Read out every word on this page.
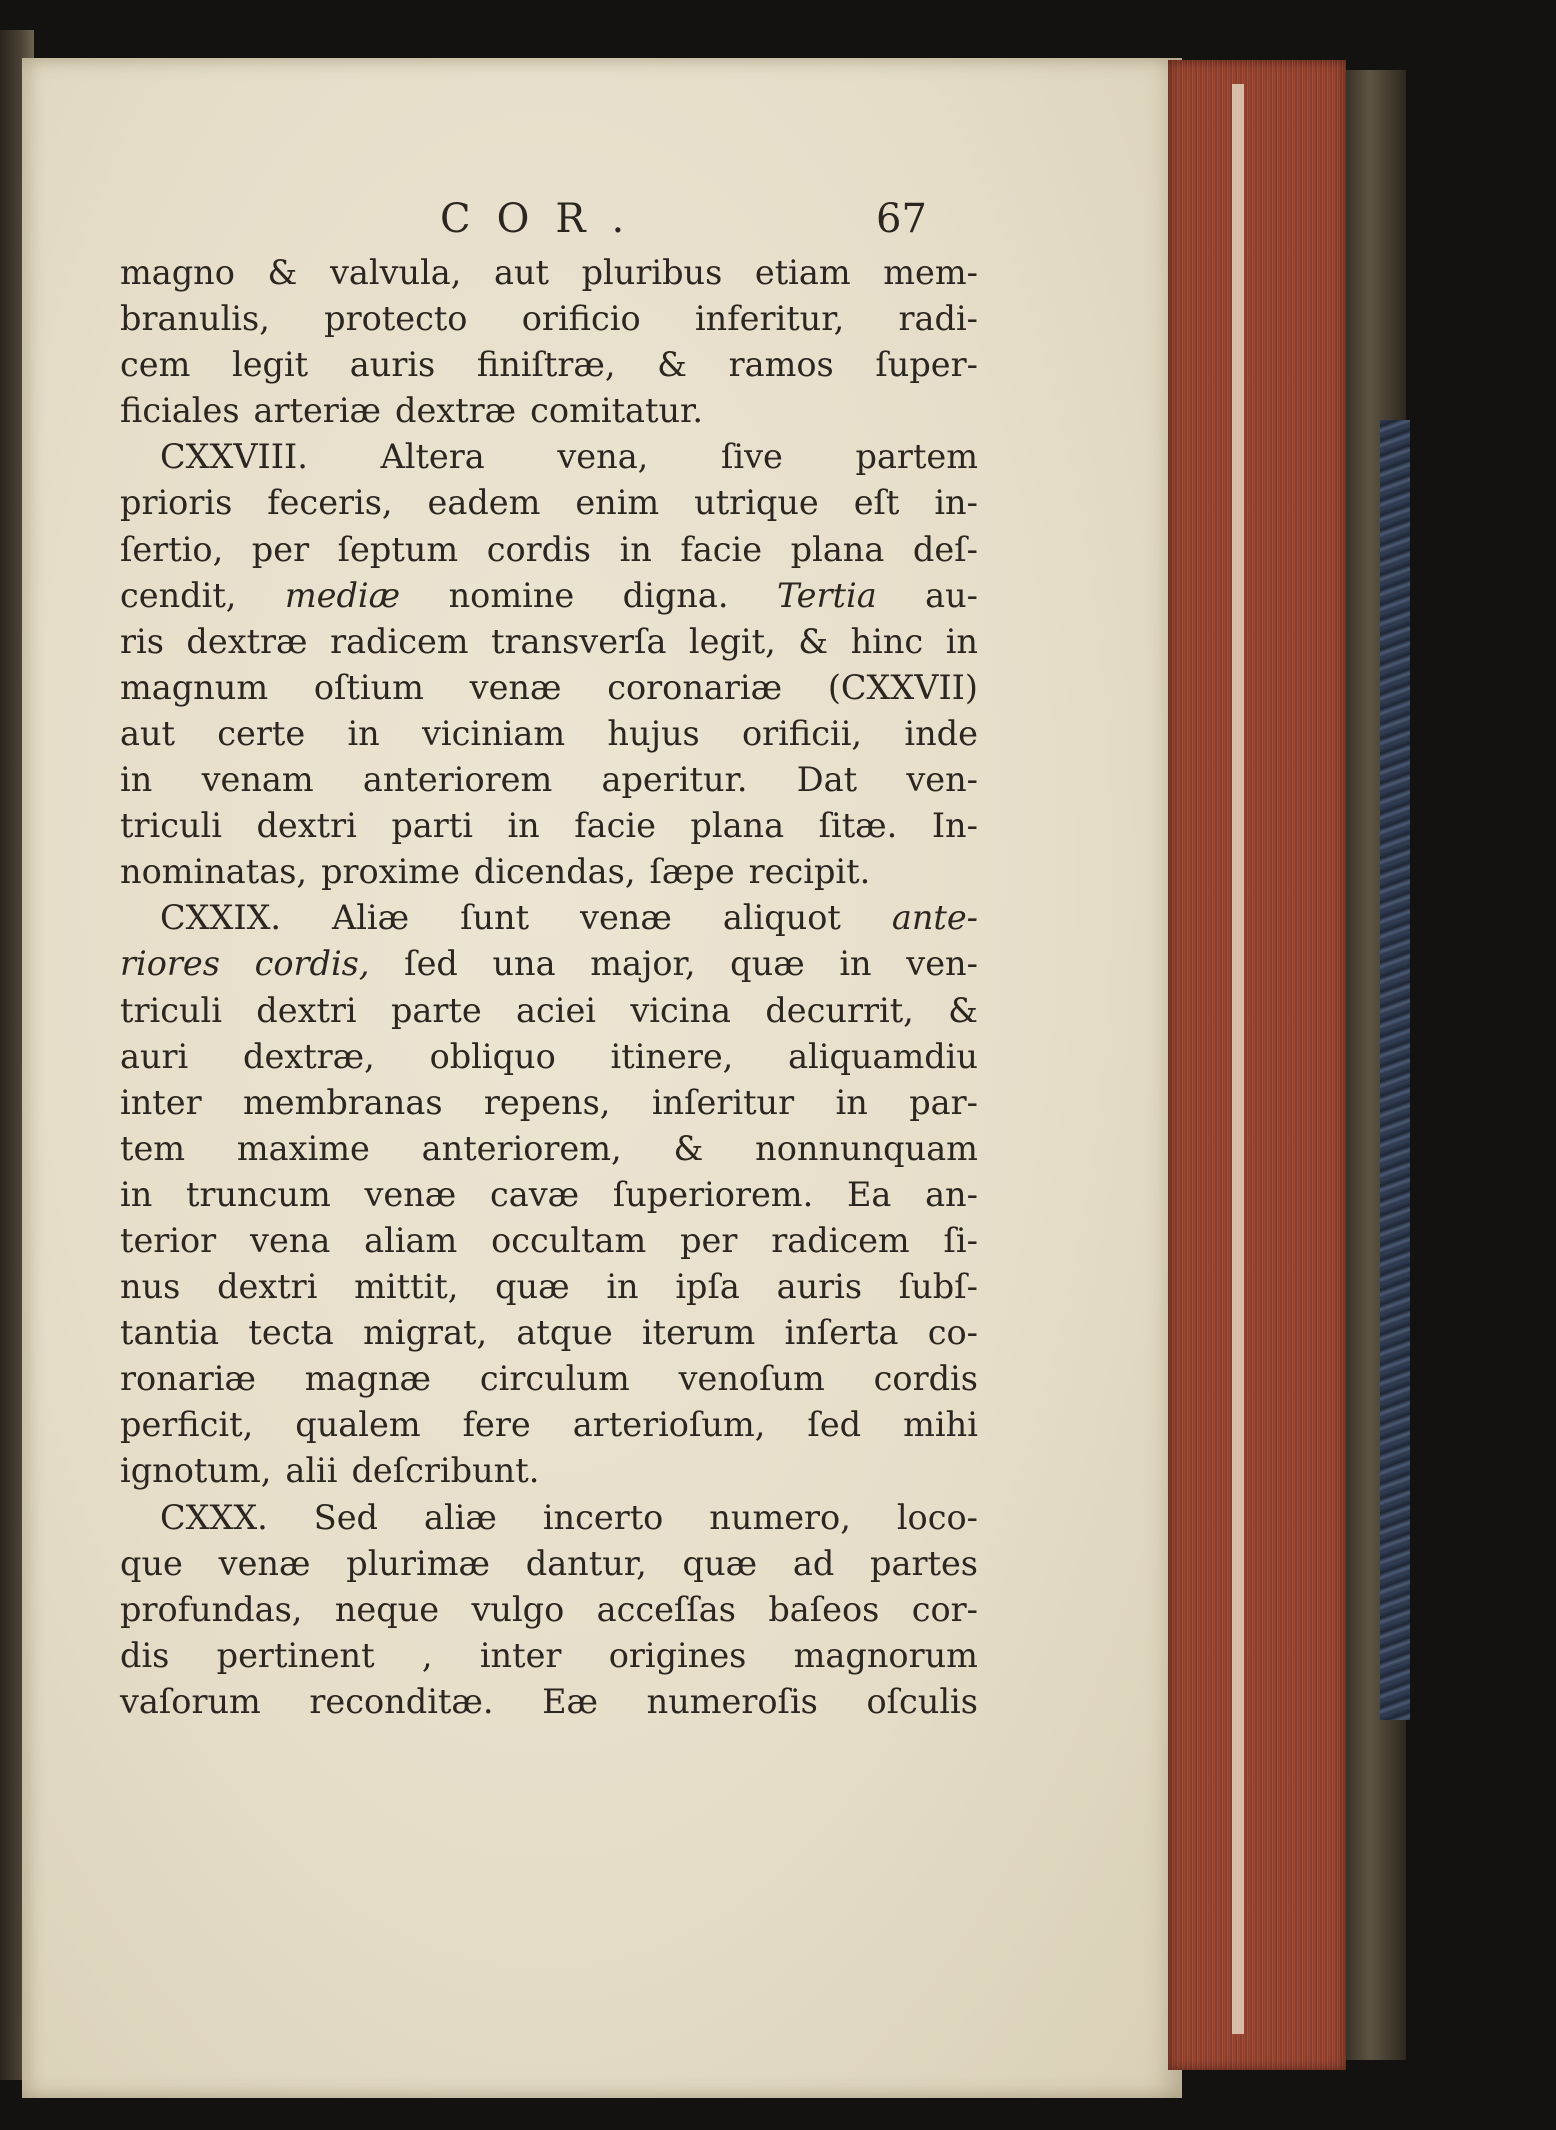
COR.	67
magno & valvula, aut pluribus etiam mem-
branulis, protecto orificio inferitur, radi-
cem legit auris finiſtræ, & ramos ſuper-
ficiales arteriæ dextræ comitatur.
CXXVIII. Altera vena, ſive partem
prioris feceris, eadem enim utrique eſt in-
ſertio, per ſeptum cordis in facie plana deſ-
cendit, mediæ nomine digna. Tertia au-
ris dextræ radicem transverſa legit, & hinc in
magnum oſtium venæ coronariæ (CXXVII)
aut certe in viciniam hujus orificii, inde
in venam anteriorem aperitur. Dat ven-
triculi dextri parti in facie plana ſitæ. In-
nominatas, proxime dicendas, ſæpe recipit.
CXXIX. Aliæ ſunt venæ aliquot ante-
riores cordis, ſed una major, quæ in ven-
triculi dextri parte aciei vicina decurrit, &
auri dextræ, obliquo itinere, aliquamdiu
inter membranas repens, inſeritur in par-
tem maxime anteriorem, & nonnunquam
in truncum venæ cavæ ſuperiorem. Ea an-
terior vena aliam occultam per radicem ſi-
nus dextri mittit, quæ in ipſa auris ſubſ-
tantia tecta migrat, atque iterum inſerta co-
ronariæ magnæ circulum venoſum cordis
perficit, qualem fere arterioſum, ſed mihi
ignotum, alii deſcribunt.
CXXX. Sed aliæ incerto numero, loco-
que venæ plurimæ dantur, quæ ad partes
profundas, neque vulgo acceſſas baſeos cor-
dis pertinent , inter origines magnorum
vaſorum reconditæ. Eæ numeroſis oſculis
